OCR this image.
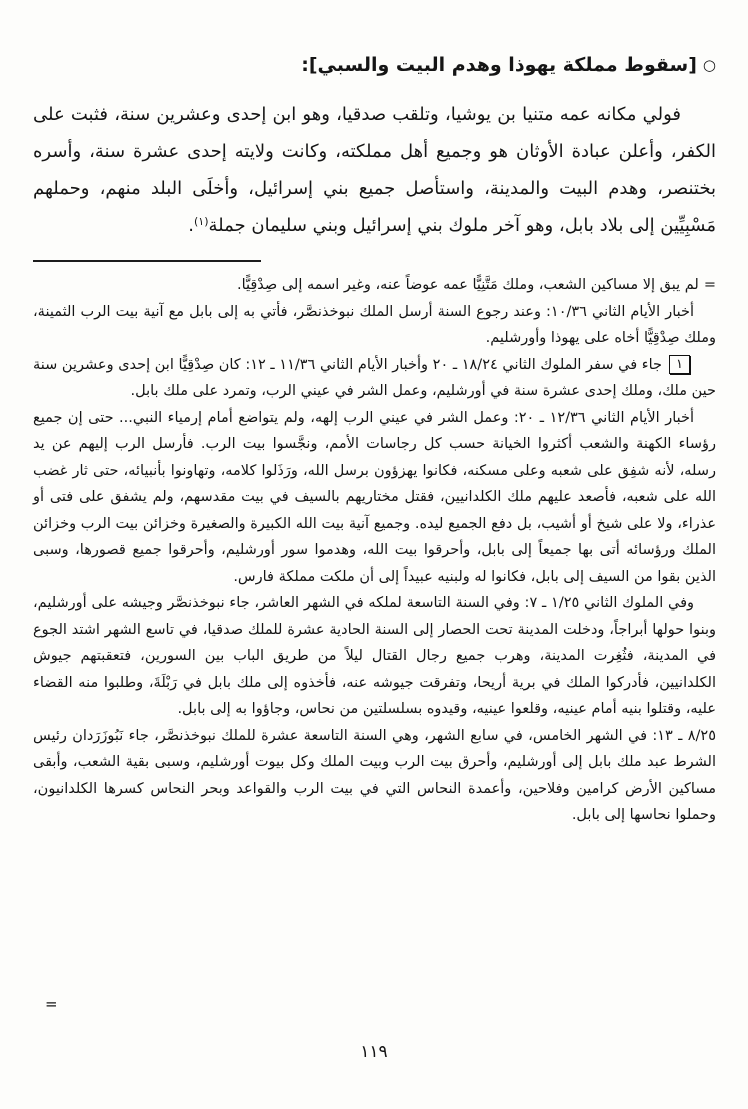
○[سقوط مملكة يهوذا وهدم البيت والسبي]:

فولي مكانه عمه متنيا بن يوشيا، وتلقب صدقيا، وهو ابن إحدى وعشرين سنة، فثبت على الكفر، وأعلن عبادة الأوثان هو وجميع أهل مملكته، وكانت ولايته إحدى عشرة سنة، وأسره بختنصر، وهدم البيت والمدينة، واستأصل جميع بني إسرائيل، وأخلَى البلد منهم، وحملهم مَسْبِيِّين إلى بلاد بابل، وهو آخر ملوك بني إسرائيل وبني سليمان جملة$^{(١)}$.

=لم يبق إلا مساكين الشعب، وملك مَتَّنِيًّا عمه عوضاً عنه، وغير اسمه إلى صِدْقِيًّا.

أخبار الأيام الثاني ١٠/٣٦: وعند رجوع السنة أرسل الملك نبوخذنصَّر، فأتي به إلى بابل مع آنية بيت الرب الثمينة، وملك صِدْقِيًّا أخاه على يهوذا وأورشليم.

١جاء في سفر الملوك الثاني ١٨/٢٤ ـ ٢٠ وأخبار الأيام الثاني ١١/٣٦ ـ ١٢: كان صِدْقِيًّا ابن إحدى وعشرين سنة حين ملك، وملك إحدى عشرة سنة في أورشليم، وعمل الشر في عيني الرب، وتمرد على ملك بابل.

أخبار الأيام الثاني ١٢/٣٦ ـ ٢٠: وعمل الشر في عيني الرب إلهه، ولم يتواضع أمام إرمياء النبي... حتى إن جميع رؤساء الكهنة والشعب أكثروا الخيانة حسب كل رجاسات الأمم، ونجَّسوا بيت الرب. فأرسل الرب إليهم عن يد رسله، لأنه شفِق على شعبه وعلى مسكنه، فكانوا يهزؤون برسل الله، ورَذَلوا كلامه، وتهاونوا بأنبيائه، حتى ثار غضب الله على شعبه، فأصعد عليهم ملك الكلدانيين، فقتل مختاريهم بالسيف في بيت مقدسهم، ولم يشفق على فتى أو عذراء، ولا على شيخ أو أشيب، بل دفع الجميع ليده. وجميع آنية بيت الله الكبيرة والصغيرة وخزائن بيت الرب وخزائن الملك ورؤسائه أتى بها جميعاً إلى بابل، وأحرقوا بيت الله، وهدموا سور أورشليم، وأحرقوا جميع قصورها، وسبى الذين بقوا من السيف إلى بابل، فكانوا له ولبنيه عبيداً إلى أن ملكت مملكة فارس.

وفي الملوك الثاني ١/٢٥ ـ ٧: وفي السنة التاسعة لملكه في الشهر العاشر، جاء نبوخذنصَّر وجيشه على أورشليم، وبنوا حولها أبراجاً، ودخلت المدينة تحت الحصار إلى السنة الحادية عشرة للملك صدقيا، في تاسع الشهر اشتد الجوع في المدينة، فثُغِرت المدينة، وهرب جميع رجال القتال ليلاً من طريق الباب بين السورين، فتعقبتهم جيوش الكلدانيين، فأدركوا الملك في برية أريحا، وتفرقت جيوشه عنه، فأخذوه إلى ملك بابل في رَبْلَةَ، وطلبوا منه القضاء عليه، وقتلوا بنيه أمام عينيه، وقلعوا عينيه، وقيدوه بسلسلتين من نحاس، وجاؤوا به إلى بابل.

٨/٢٥ ـ ١٣: في الشهر الخامس، في سابع الشهر، وهي السنة التاسعة عشرة للملك نبوخذنصَّر، جاء نَبُوزَرَدان رئيس الشرط عبد ملك بابل إلى أورشليم، وأحرق بيت الرب وبيت الملك وكل بيوت أورشليم، وسبى بقية الشعب، وأبقى مساكين الأرض كرامين وفلاحين، وأعمدة النحاس التي في بيت الرب والقواعد وبحر النحاس كسرها الكلدانيون، وحملوا نحاسها إلى بابل.

=
١١٩
